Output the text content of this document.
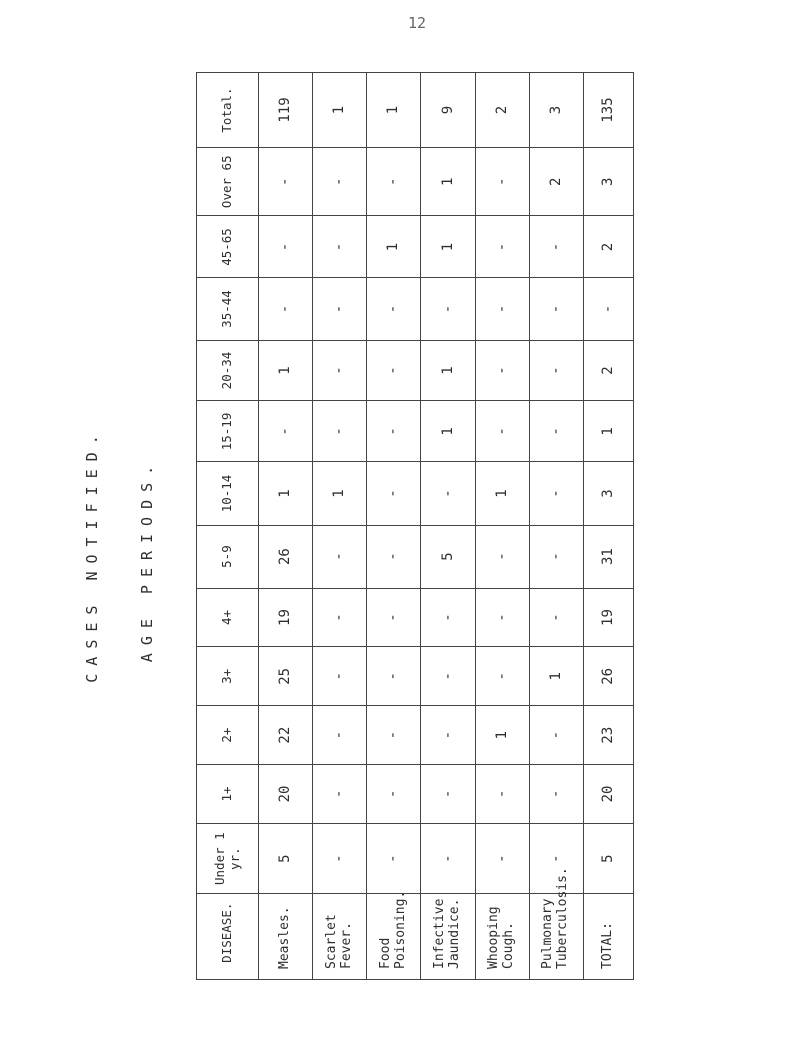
12
CASES NOTIFIED. AGE PERIODS.
DISEASE.	Under 1 yr.	1+	2+	3+	4+	5-9	10-14	15-19	20-34	35-44	45-65	Over 65	Total.
Measles.	5	20	22	25	19	26	1	-	1	-	-	-	119
Scarlet Fever.	-	-	-	-	-	-	1	-	-	-	-	-	1
Food Poisoning.	-	-	-	-	-	-	-	-	-	-	1	-	1
Infective Jaundice.	-	-	-	-	-	5	-	1	1	-	1	1	9
Whooping Cough.	-	-	1	-	-	-	1	-	-	-	-	-	2
Pulmonary Tuberculosis.	-	-	-	1	-	-	-	-	-	-	-	2	3
TOTAL:	5	20	23	26	19	31	3	1	2	-	2	3	135
